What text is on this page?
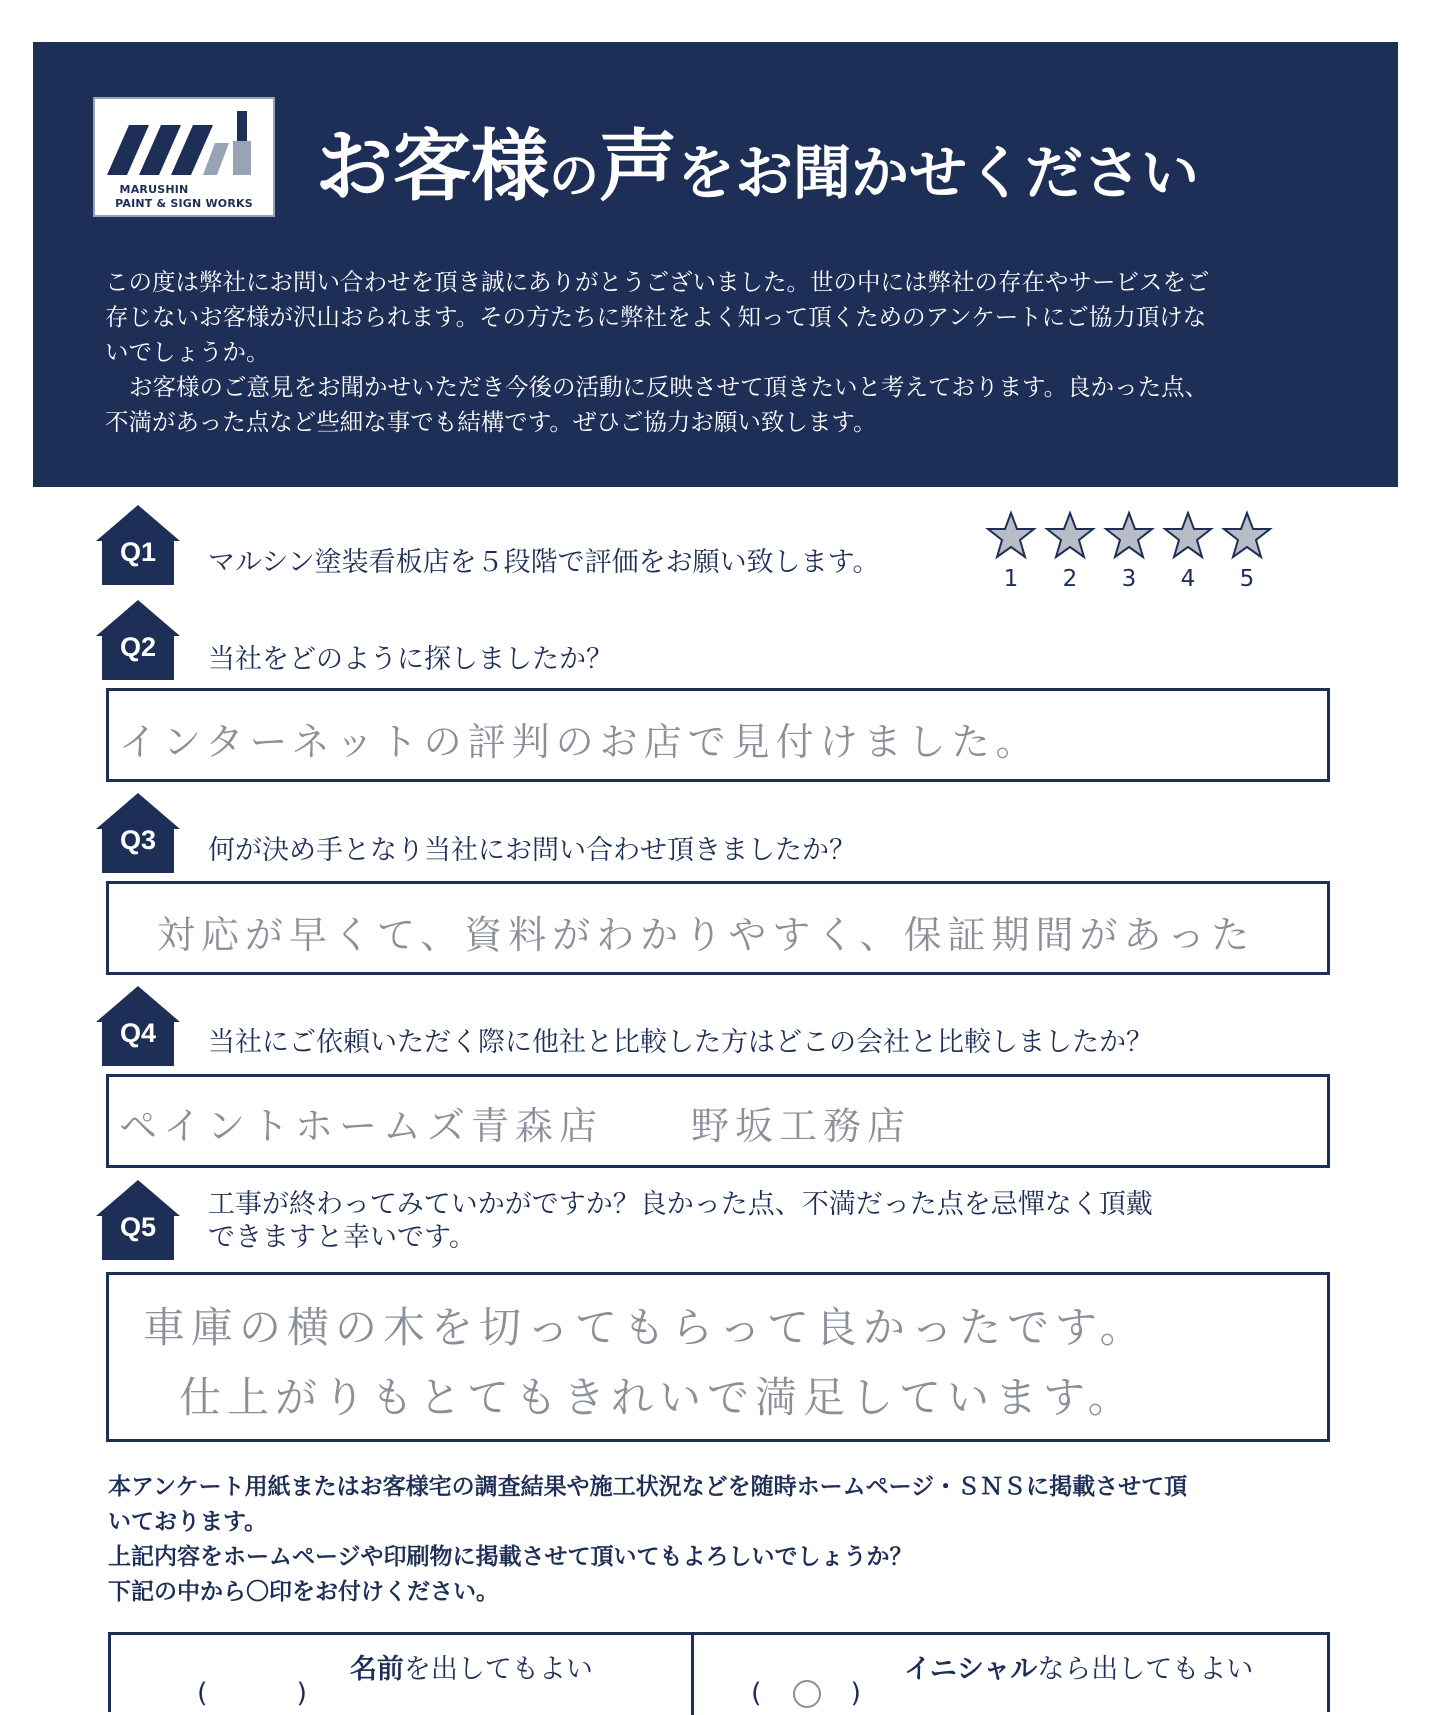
MARUSHIN
PAINT & SIGN WORKS お客様の声をお聞かせください

この度は弊社にお問い合わせを頂き誠にありがとうございました。世の中には弊社の存在やサービスをご

存じないお客様が沢山おられます。その方たちに弊社をよく知って頂くためのアンケートにご協力頂けな

いでしょうか。

お客様のご意見をお聞かせいただき今後の活動に反映させて頂きたいと考えております。良かった点、

不満があった点など些細な事でも結構です。ぜひご協力お願い致します。

Q1	マルシン塗装看板店を５段階で評価をお願い致します。
1	2	3	4	5
Q2	当社をどのように探しましたか？
インターネットの評判のお店で見付けました。
Q3	何が決め手となり当社にお問い合わせ頂きましたか？
対応が早くて、資料がわかりやすく、保証期間があった
Q4	当社にご依頼いただく際に他社と比較した方はどこの会社と比較しましたか？
ペイントホームズ青森店　　野坂工務店
Q5
工事が終わってみていかがですか？良かった点、不満だった点を忌憚なく頂戴
できますと幸いです。
車庫の横の木を切ってもらって良かったです。
仕上がりもとてもきれいで満足しています。

本アンケート用紙またはお客様宅の調査結果や施工状況などを随時ホームページ・ＳＮＳに掲載させて頂

いております。

上記内容をホームページや印刷物に掲載させて頂いてもよろしいでしょうか？

下記の中から〇印をお付けください。

(	)
名前を出してもよい
( ○ )
イニシャルなら出してもよい
